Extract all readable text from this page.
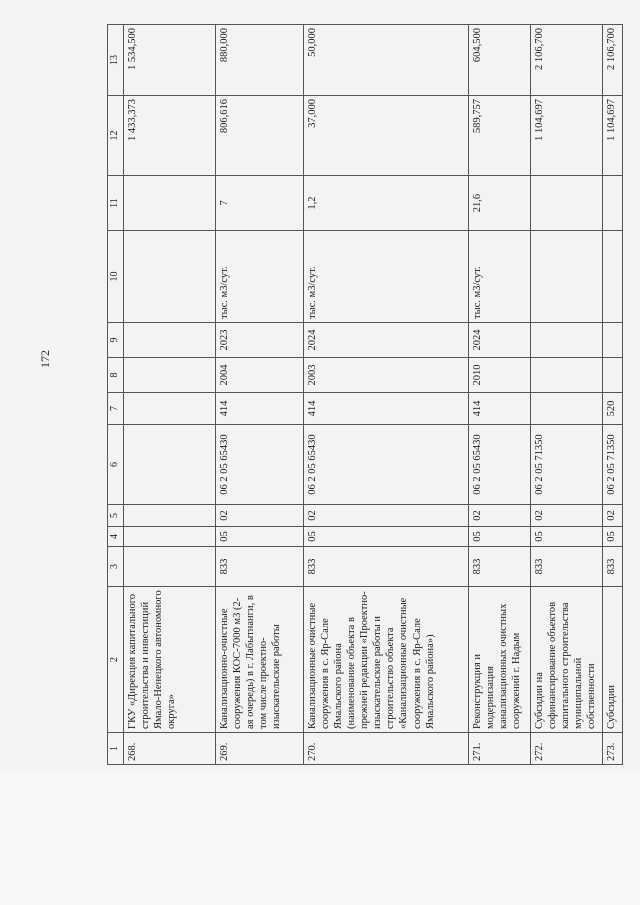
172
1	2	3	4	5	6	7	8	9	10	11	12	13
268.	ГКУ «Дирекция капитального строительства и инвестиций Ямало-Ненецкого автономного округа»										1 433,373	1 534,500
269.	Канализационно-очистные сооружения КОС-7000 м3 (2-ая очередь) в г. Лабытнанги, в том числе проектно-изыскательские работы	833	05	02	06 2 05 65430	414	2004	2023	тыс. м3/сут.	7	806,616	880,000
270.	Канализационные очистные сооружения в с. Яр-Сале Ямальского района (наименование объекта в прежней редакции «Проектно-изыскательские работы и строительство объекта «Канализационные очистные сооружения в с. Яр-Сале Ямальского района»)	833	05	02	06 2 05 65430	414	2003	2024	тыс. м3/сут.	1,2	37,000	50,000
271.	Реконструкция и модернизация канализационных очистных сооружений г. Надым	833	05	02	06 2 05 65430	414	2010	2024	тыс. м3/сут.	21,6	589,757	604,500
272.	Субсидии на софинансирование объектов капитального строительства муниципальной собственности	833	05	02	06 2 05 71350						1 104,697	2 106,700
273.	Субсидии	833	05	02	06 2 05 71350	520					1 104,697	2 106,700
